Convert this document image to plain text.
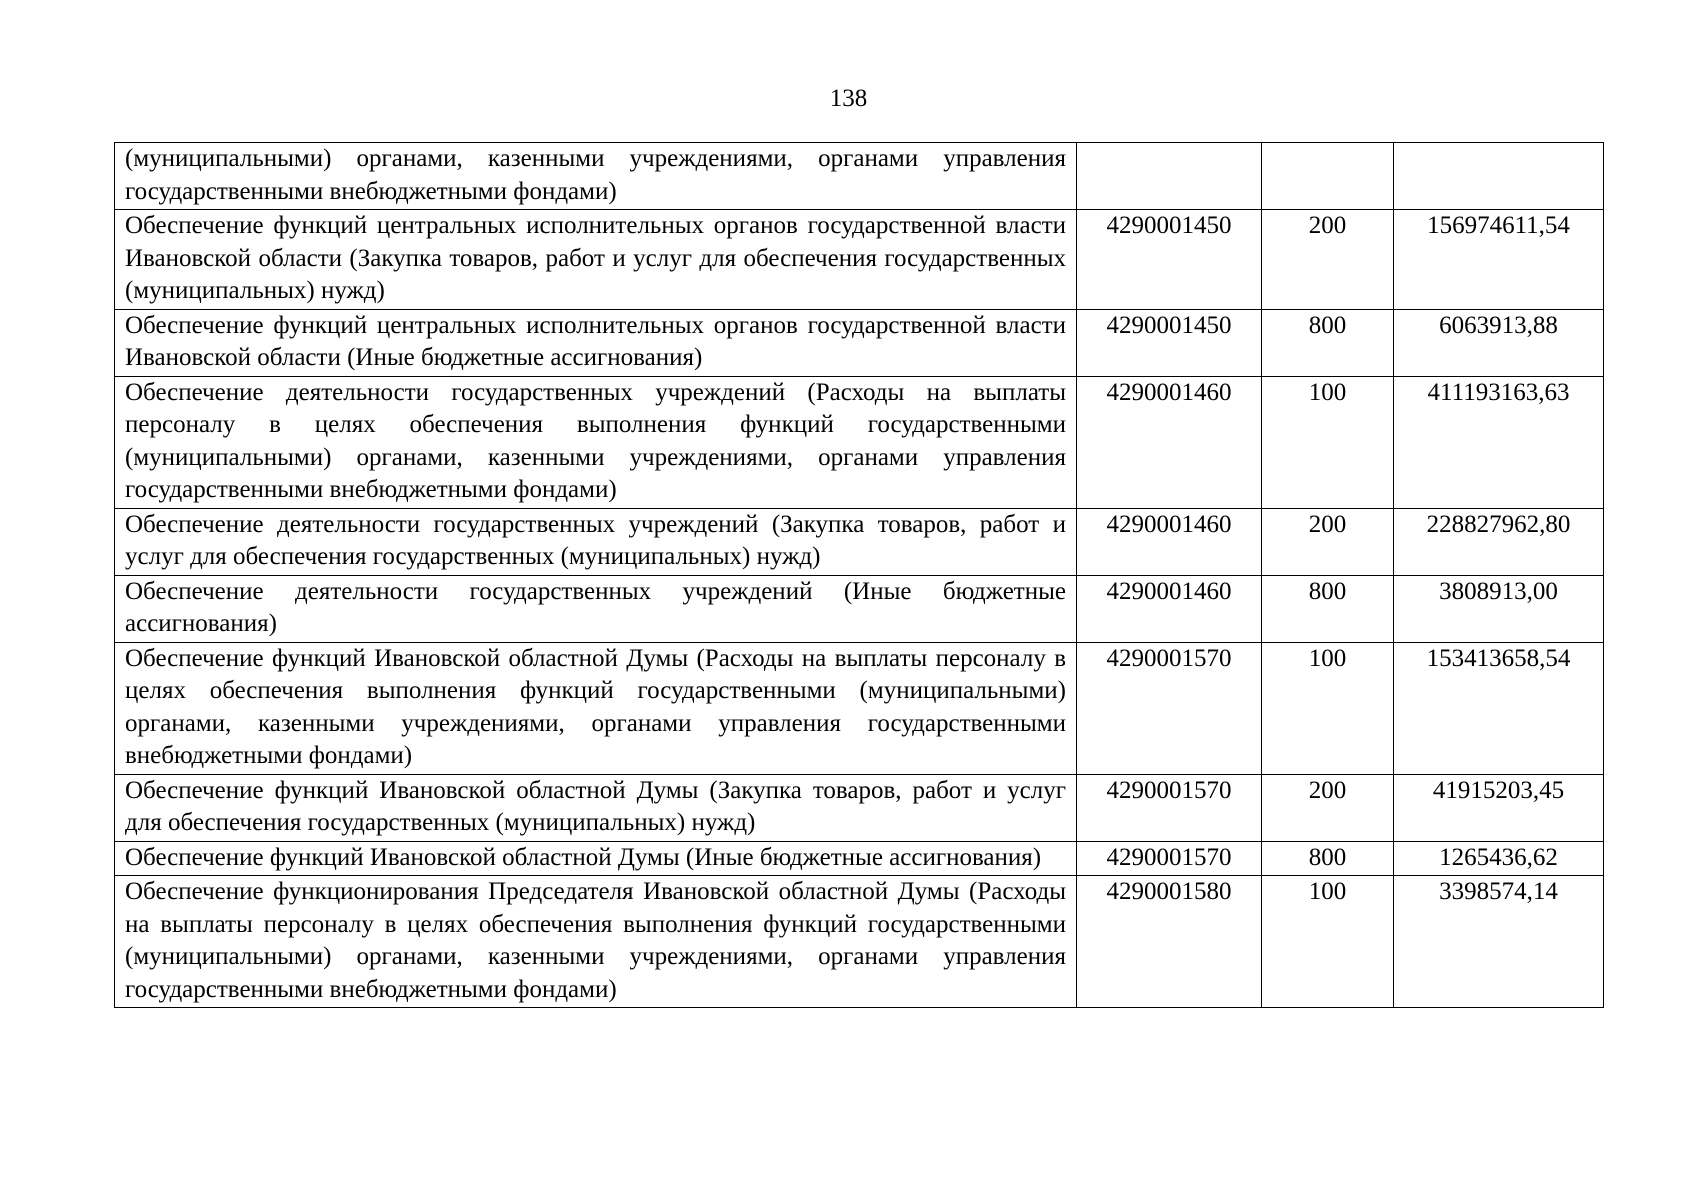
138
(муниципальными) органами, казенными учреждениями, органами управления государственными внебюджетными фондами)			
Обеспечение функций центральных исполнительных органов государственной власти Ивановской области (Закупка товаров, работ и услуг для обеспечения государственных (муниципальных) нужд)	4290001450	200	156974611,54
Обеспечение функций центральных исполнительных органов государственной власти Ивановской области (Иные бюджетные ассигнования)	4290001450	800	6063913,88
Обеспечение деятельности государственных учреждений (Расходы на выплаты персоналу в целях обеспечения выполнения функций государственными (муниципальными) органами, казенными учреждениями, органами управления государственными внебюджетными фондами)	4290001460	100	411193163,63
Обеспечение деятельности государственных учреждений (Закупка товаров, работ и услуг для обеспечения государственных (муниципальных) нужд)	4290001460	200	228827962,80
Обеспечение деятельности государственных учреждений (Иные бюджетные ассигнования)	4290001460	800	3808913,00
Обеспечение функций Ивановской областной Думы (Расходы на выплаты персоналу в целях обеспечения выполнения функций государственными (муниципальными) органами, казенными учреждениями, органами управления государственными внебюджетными фондами)	4290001570	100	153413658,54
Обеспечение функций Ивановской областной Думы (Закупка товаров, работ и услуг для обеспечения государственных (муниципальных) нужд)	4290001570	200	41915203,45
Обеспечение функций Ивановской областной Думы (Иные бюджетные ассигнования)	4290001570	800	1265436,62
Обеспечение функционирования Председателя Ивановской областной Думы (Расходы на выплаты персоналу в целях обеспечения выполнения функций государственными (муниципальными) органами, казенными учреждениями, органами управления государственными внебюджетными фондами)	4290001580	100	3398574,14
